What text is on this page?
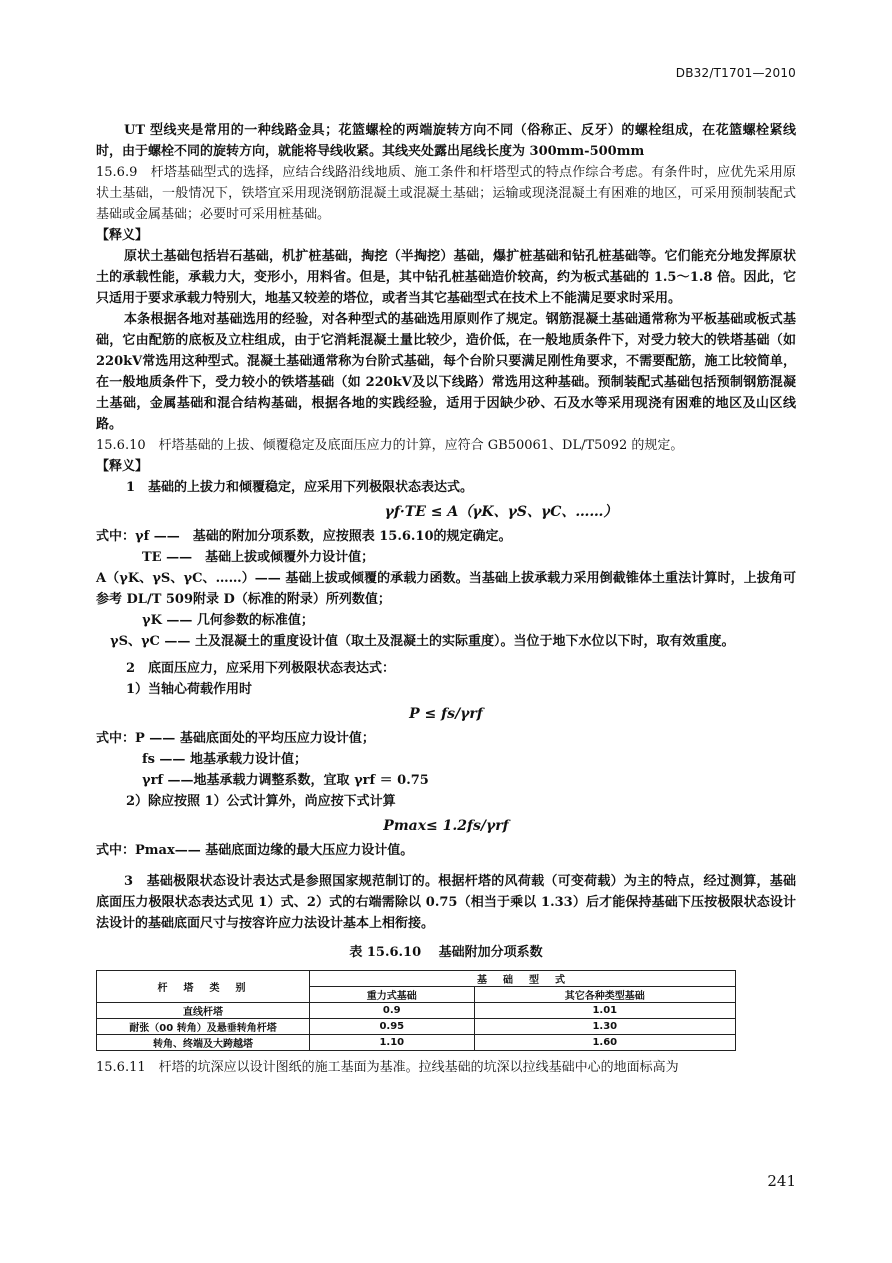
DB32/T1701—2010

UT 型线夹是常用的一种线路金具；花篮螺栓的两端旋转方向不同（俗称正、反牙）的螺栓组成，在花篮螺栓紧线时，由于螺栓不同的旋转方向，就能将导线收紧。其线夹处露出尾线长度为 300mm-500mm

15.6.9　杆塔基础型式的选择，应结合线路沿线地质、施工条件和杆塔型式的特点作综合考虑。有条件时，应优先采用原状土基础，一般情况下，铁塔宜采用现浇钢筋混凝土或混凝土基础；运输或现浇混凝土有困难的地区，可采用预制装配式基础或金属基础；必要时可采用桩基础。

【释义】

原状土基础包括岩石基础，机扩桩基础，掏挖（半掏挖）基础，爆扩桩基础和钻孔桩基础等。它们能充分地发挥原状土的承载性能，承载力大，变形小，用料省。但是，其中钻孔桩基础造价较高，约为板式基础的 1.5～1.8 倍。因此，它只适用于要求承载力特别大，地基又较差的塔位，或者当其它基础型式在技术上不能满足要求时采用。

本条根据各地对基础选用的经验，对各种型式的基础选用原则作了规定。钢筋混凝土基础通常称为平板基础或板式基础，它由配筋的底板及立柱组成，由于它消耗混凝土量比较少，造价低，在一般地质条件下，对受力较大的铁塔基础（如 220kV常选用这种型式。混凝土基础通常称为台阶式基础，每个台阶只要满足刚性角要求，不需要配筋，施工比较简单，在一般地质条件下，受力较小的铁塔基础（如 220kV及以下线路）常选用这种基础。预制装配式基础包括预制钢筋混凝土基础，金属基础和混合结构基础，根据各地的实践经验，适用于因缺少砂、石及水等采用现浇有困难的地区及山区线路。

15.6.10　杆塔基础的上拔、倾覆稳定及底面压应力的计算，应符合 GB50061、DL/T5092 的规定。

【释义】

1　基础的上拔力和倾覆稳定，应采用下列极限状态表达式。

γf·TE ≤ A（γK、γS、γC、……）

式中：γf ——　基础的附加分项系数，应按照表 15.6.10的规定确定。

TE ——　基础上拔或倾覆外力设计值；

A（γK、γS、γC、……）—— 基础上拔或倾覆的承载力函数。当基础上拔承载力采用倒截锥体土重法计算时，上拔角可参考 DL/T 509附录 D（标准的附录）所列数值；

γK —— 几何参数的标准值；

γS、γC —— 土及混凝土的重度设计值（取土及混凝土的实际重度）。当位于地下水位以下时，取有效重度。

2　底面压应力，应采用下列极限状态表达式：

1）当轴心荷载作用时

P ≤ fs/γrf

式中：P —— 基础底面处的平均压应力设计值；

fs —— 地基承载力设计值；

γrf ——地基承载力调整系数，宜取 γrf ＝ 0.75

2）除应按照 1）公式计算外，尚应按下式计算

Pmax≤ 1.2fs/γrf

式中：Pmax—— 基础底面边缘的最大压应力设计值。

3　基础极限状态设计表达式是参照国家规范制订的。根据杆塔的风荷载（可变荷载）为主的特点，经过测算，基础底面压力极限状态表达式见 1）式、2）式的右端需除以 0.75（相当于乘以 1.33）后才能保持基础下压按极限状态设计法设计的基础底面尺寸与按容许应力法设计基本上相衔接。

表 15.6.10　 基础附加分项系数
杆　塔　类　别	基　础　型　式	
	重力式基础	其它各种类型基础
直线杆塔	0.9	1.01
耐张（00 转角）及悬垂转角杆塔	0.95	1.30
转角、终端及大跨越塔	1.10	1.60

15.6.11　杆塔的坑深应以设计图纸的施工基面为基准。拉线基础的坑深以拉线基础中心的地面标高为

241
